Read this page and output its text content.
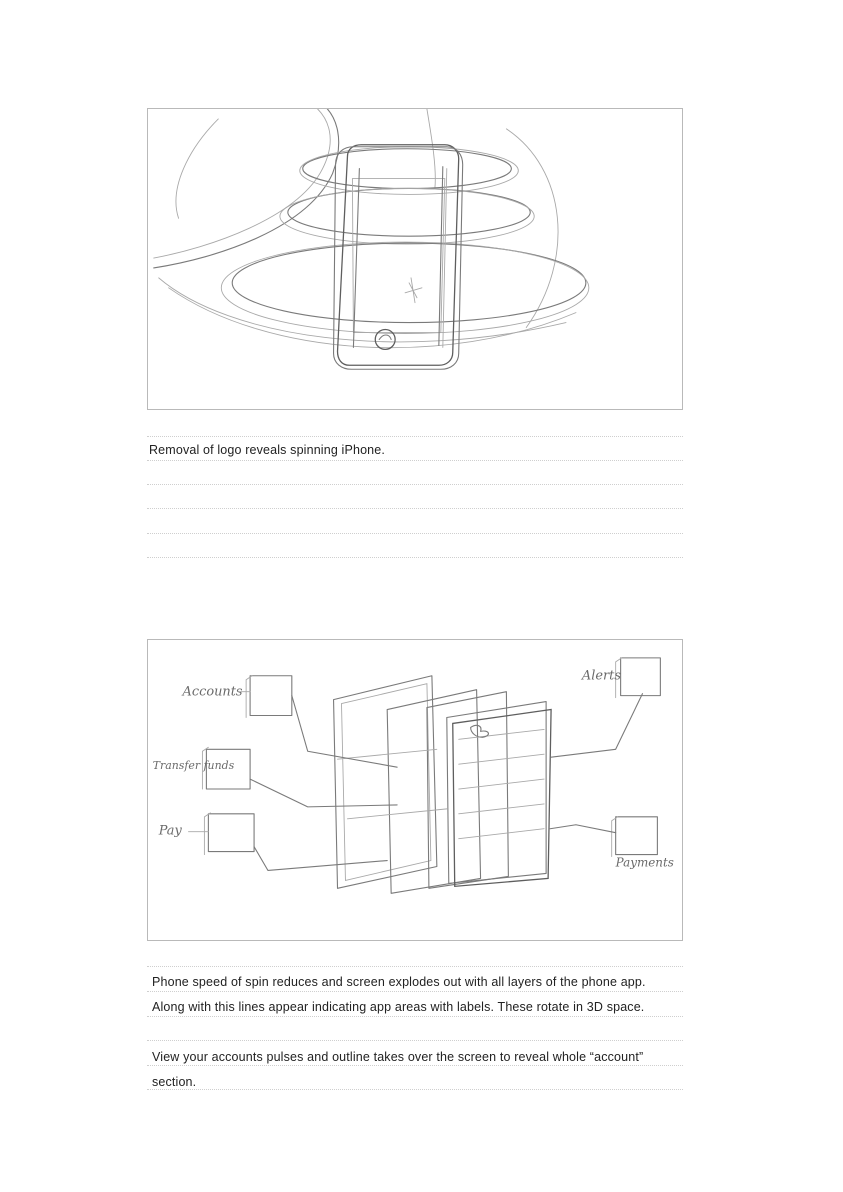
Removal of logo reveals spinning iPhone.
Accounts
Transfer funds
Pay
Alerts
Payments
Phone speed of spin reduces and screen explodes out with all layers of the phone app.
Along with this lines appear indicating app areas with labels. These rotate in 3D space.
View your accounts pulses and outline takes over the screen to reveal whole “account”
section.
